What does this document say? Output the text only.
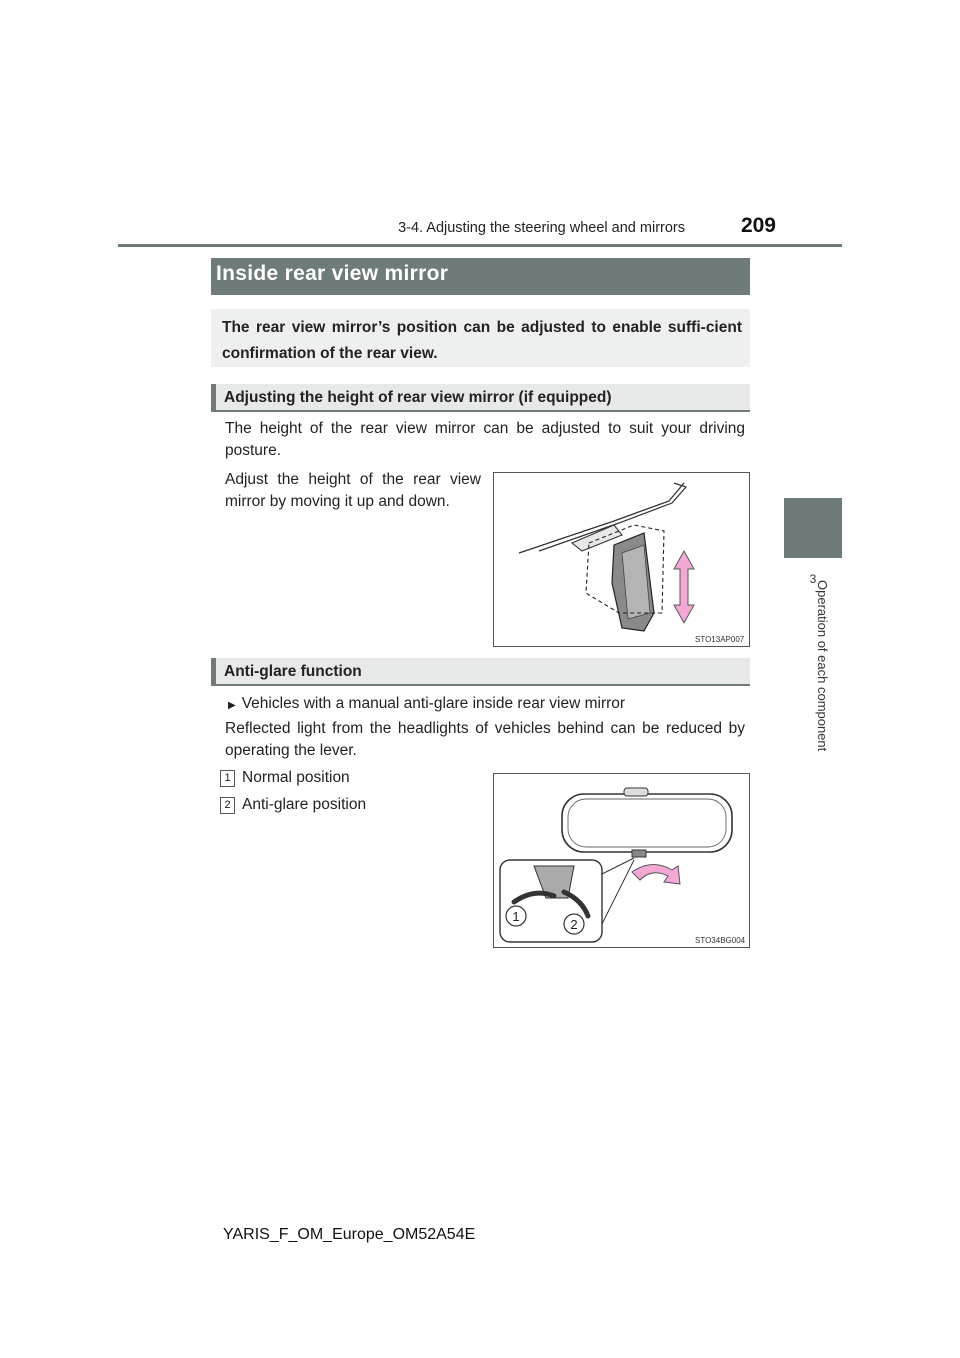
3-4. Adjusting the steering wheel and mirrors	209
3
Operation of each component
Inside rear view mirror
The rear view mirror’s position can be adjusted to enable suffi-cient confirmation of the rear view.
Adjusting the height of rear view mirror (if equipped)
The height of the rear view mirror can be adjusted to suit your driving posture.
Adjust the height of the rear view mirror by moving it up and down.
STO13AP007
Anti-glare function
▶ Vehicles with a manual anti-glare inside rear view mirror
Reflected light from the headlights of vehicles behind can be reduced by operating the lever.
1 Normal position
2 Anti-glare position
1
2
STO34BG004
YARIS_F_OM_Europe_OM52A54E
